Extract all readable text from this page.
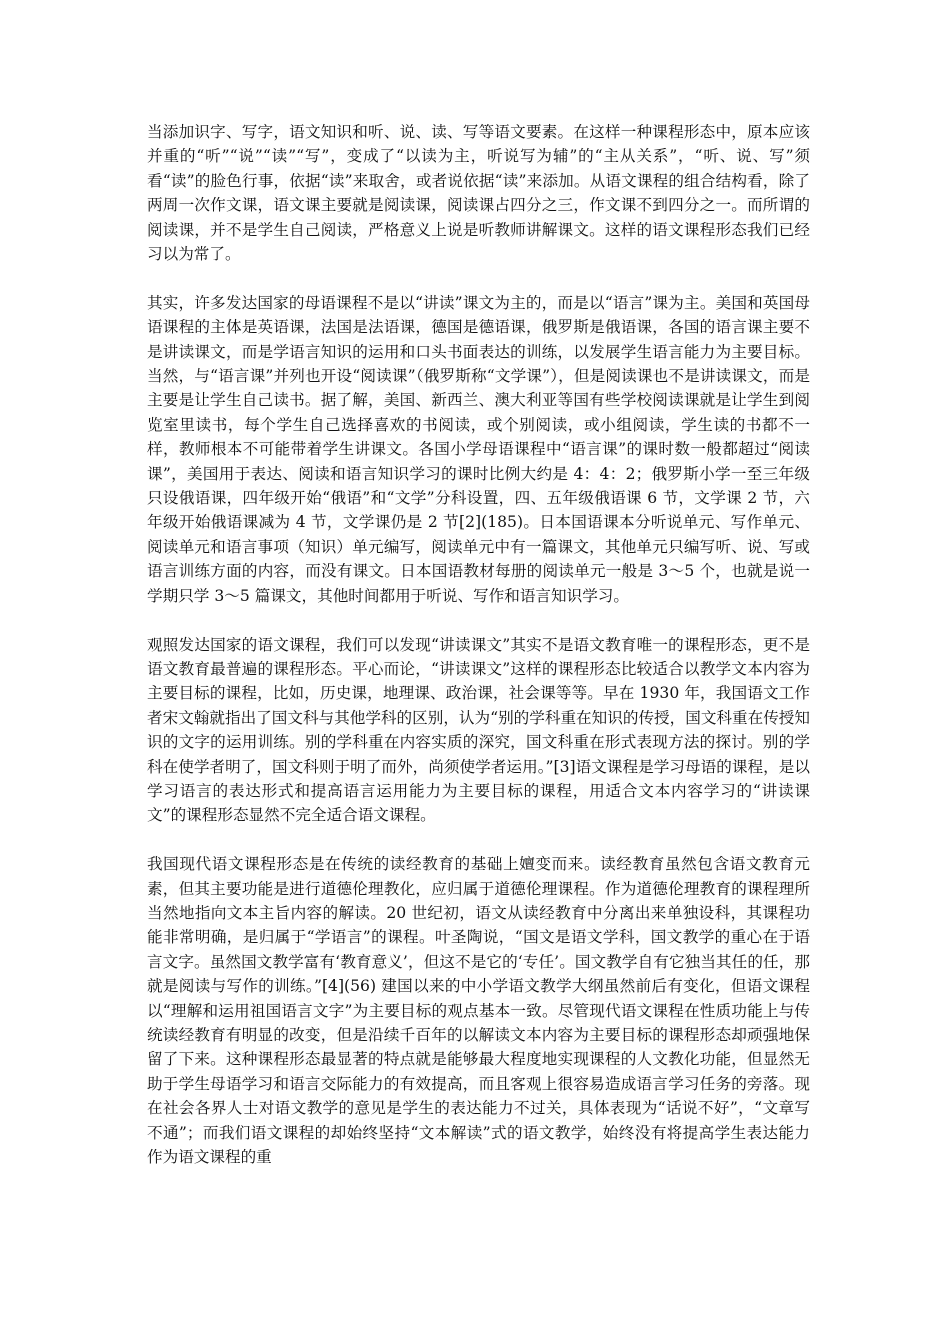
当添加识字、写字，语文知识和听、说、读、写等语文要素。在这样一种课程形态中，原本应该并重的“听”“说”“读”“写”，变成了“以读为主，听说写为辅”的“主从关系”，“听、说、写”须看“读”的脸色行事，依据“读”来取舍，或者说依据“读”来添加。从语文课程的组合结构看，除了两周一次作文课，语文课主要就是阅读课，阅读课占四分之三，作文课不到四分之一。而所谓的阅读课，并不是学生自己阅读，严格意义上说是听教师讲解课文。这样的语文课程形态我们已经习以为常了。

其实，许多发达国家的母语课程不是以“讲读”课文为主的，而是以“语言”课为主。美国和英国母语课程的主体是英语课，法国是法语课，德国是德语课，俄罗斯是俄语课，各国的语言课主要不是讲读课文，而是学语言知识的运用和口头书面表达的训练，以发展学生语言能力为主要目标。当然，与“语言课”并列也开设“阅读课”（俄罗斯称“文学课”），但是阅读课也不是讲读课文，而是主要是让学生自己读书。据了解，美国、新西兰、澳大利亚等国有些学校阅读课就是让学生到阅览室里读书，每个学生自己选择喜欢的书阅读，或个别阅读，或小组阅读，学生读的书都不一样，教师根本不可能带着学生讲课文。各国小学母语课程中“语言课”的课时数一般都超过“阅读课”，美国用于表达、阅读和语言知识学习的课时比例大约是 4：4：2；俄罗斯小学一至三年级只设俄语课，四年级开始“俄语”和“文学”分科设置，四、五年级俄语课 6 节，文学课 2 节，六年级开始俄语课减为 4 节，文学课仍是 2 节[2](185)。日本国语课本分听说单元、写作单元、阅读单元和语言事项（知识）单元编写，阅读单元中有一篇课文，其他单元只编写听、说、写或语言训练方面的内容，而没有课文。日本国语教材每册的阅读单元一般是 3～5 个，也就是说一学期只学 3～5 篇课文，其他时间都用于听说、写作和语言知识学习。

观照发达国家的语文课程，我们可以发现“讲读课文”其实不是语文教育唯一的课程形态，更不是语文教育最普遍的课程形态。平心而论，“讲读课文”这样的课程形态比较适合以教学文本内容为主要目标的课程，比如，历史课，地理课、政治课，社会课等等。早在 1930 年，我国语文工作者宋文翰就指出了国文科与其他学科的区别，认为“别的学科重在知识的传授，国文科重在传授知识的文字的运用训练。别的学科重在内容实质的深究，国文科重在形式表现方法的探讨。别的学科在使学者明了，国文科则于明了而外，尚须使学者运用。”[3]语文课程是学习母语的课程，是以学习语言的表达形式和提高语言运用能力为主要目标的课程，用适合文本内容学习的“讲读课文”的课程形态显然不完全适合语文课程。

我国现代语文课程形态是在传统的读经教育的基础上嬗变而来。读经教育虽然包含语文教育元素，但其主要功能是进行道德伦理教化，应归属于道德伦理课程。作为道德伦理教育的课程理所当然地指向文本主旨内容的解读。20 世纪初，语文从读经教育中分离出来单独设科，其课程功能非常明确，是归属于“学语言”的课程。叶圣陶说，“国文是语文学科，国文教学的重心在于语言文字。虽然国文教学富有‘教育意义’，但这不是它的‘专任’。国文教学自有它独当其任的任，那就是阅读与写作的训练。”[4](56) 建国以来的中小学语文教学大纲虽然前后有变化，但语文课程以“理解和运用祖国语言文字”为主要目标的观点基本一致。尽管现代语文课程在性质功能上与传统读经教育有明显的改变，但是沿续千百年的以解读文本内容为主要目标的课程形态却顽强地保留了下来。这种课程形态最显著的特点就是能够最大程度地实现课程的人文教化功能，但显然无助于学生母语学习和语言交际能力的有效提高，而且客观上很容易造成语言学习任务的旁落。现在社会各界人士对语文教学的意见是学生的表达能力不过关，具体表现为“话说不好”，“文章写不通”；而我们语文课程的却始终坚持“文本解读”式的语文教学，始终没有将提高学生表达能力作为语文课程的重
